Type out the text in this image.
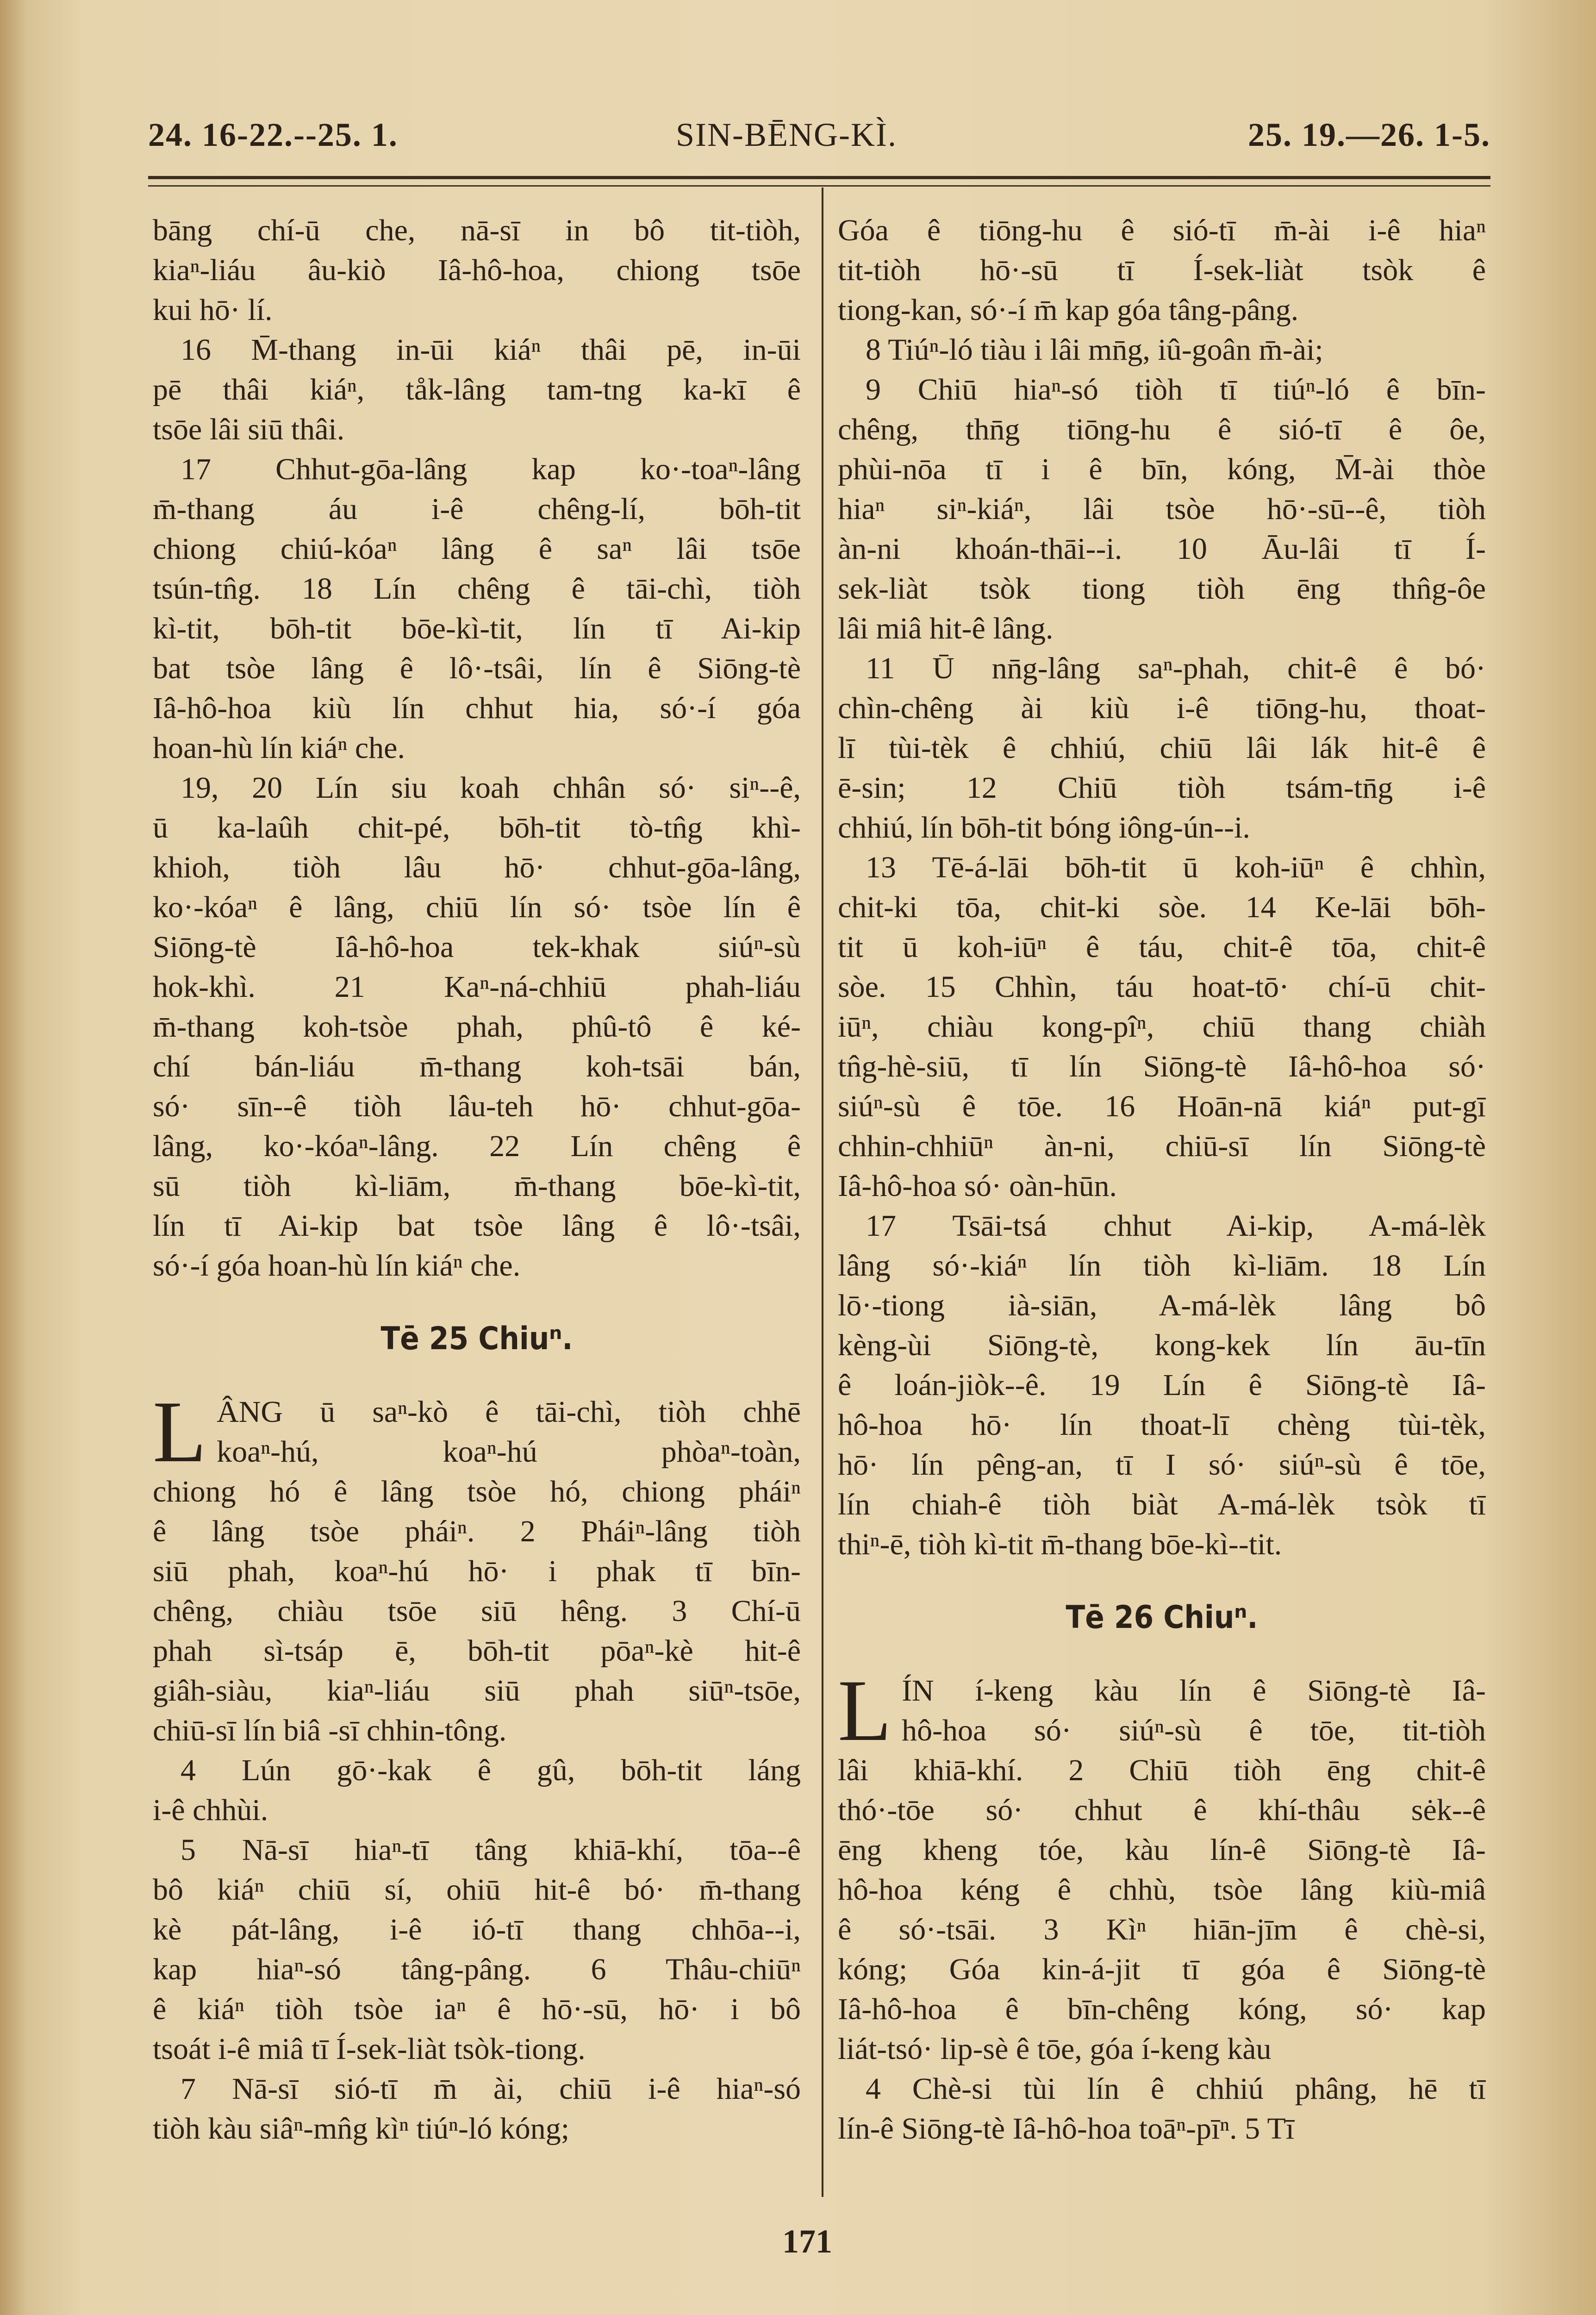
24. 16-22.--25. 1.	SIN-BĒNG-KÌ.	25. 19.—26. 1-5.
bāng chí-ū che, nā-sī in bô tit-tiòh,
kiaⁿ-liáu âu-kiò Iâ-hô-hoa, chiong tsōe
kui hō· lí.
16 M̄-thang in-ūi kiáⁿ thâi pē, in-ūi
pē thâi kiáⁿ, tåk-lâng tam-tng ka-kī ê
tsōe lâi siū thâi.
17 Chhut-gōa-lâng kap ko·-toaⁿ-lâng
m̄-thang áu i-ê chêng-lí, bōh-tit
chiong chiú-kóaⁿ lâng ê saⁿ lâi tsōe
tsún-tn̂g. 18 Lín chêng ê tāi-chì, tiòh
kì-tit, bōh-tit bōe-kì-tit, lín tī Ai-kip
bat tsòe lâng ê lô·-tsâi, lín ê Siōng-tè
Iâ-hô-hoa kiù lín chhut hia, só·-í góa
hoan-hù lín kiáⁿ che.
19, 20 Lín siu koah chhân só· siⁿ--ê,
ū ka-laûh chit-pé, bōh-tit tò-tn̂g khì-
khioh, tiòh lâu hō· chhut-gōa-lâng,
ko·-kóaⁿ ê lâng, chiū lín só· tsòe lín ê
Siōng-tè Iâ-hô-hoa tek-khak siúⁿ-sù
hok-khì. 21 Kaⁿ-ná-chhiū phah-liáu
m̄-thang koh-tsòe phah, phû-tô ê ké-
chí bán-liáu m̄-thang koh-tsāi bán,
só· sīn--ê tiòh lâu-teh hō· chhut-gōa-
lâng, ko·-kóaⁿ-lâng. 22 Lín chêng ê
sū tiòh kì-liām, m̄-thang bōe-kì-tit,
lín tī Ai-kip bat tsòe lâng ê lô·-tsâi,
só·-í góa hoan-hù lín kiáⁿ che.
Tē 25 Chiuⁿ.
L ÂNG ū saⁿ-kò ê tāi-chì, tiòh chhē
koaⁿ-hú, koaⁿ-hú phòaⁿ-toàn,
chiong hó ê lâng tsòe hó, chiong pháiⁿ
ê lâng tsòe pháiⁿ. 2 Pháiⁿ-lâng tiòh
siū phah, koaⁿ-hú hō· i phak tī bīn-
chêng, chiàu tsōe siū hêng. 3 Chí-ū
phah sì-tsáp ē, bōh-tit pōaⁿ-kè hit-ê
giâh-siàu, kiaⁿ-liáu siū phah siūⁿ-tsōe,
chiū-sī lín biâ -sī chhin-tông.
4 Lún gō·-kak ê gû, bōh-tit láng
i-ê chhùi.
5 Nā-sī hiaⁿ-tī tâng khiā-khí, tōa--ê
bô kiáⁿ chiū sí, ohiū hit-ê bó· m̄-thang
kè pát-lâng, i-ê ió-tī thang chhōa--i,
kap hiaⁿ-só tâng-pâng. 6 Thâu-chiūⁿ
ê kiáⁿ tiòh tsòe iaⁿ ê hō·-sū, hō· i bô
tsoát i-ê miâ tī Í-sek-liàt tsòk-tiong.
7 Nā-sī sió-tī m̄ ài, chiū i-ê hiaⁿ-só
tiòh kàu siâⁿ-mn̂g kìⁿ tiúⁿ-ló kóng;
Góa ê tiōng-hu ê sió-tī m̄-ài i-ê hiaⁿ
tit-tiòh hō·-sū tī Í-sek-liàt tsòk ê
tiong-kan, só·-í m̄ kap góa tâng-pâng.
8 Tiúⁿ-ló tiàu i lâi mn̄g, iû-goân m̄-ài;
9 Chiū hiaⁿ-só tiòh tī tiúⁿ-ló ê bīn-
chêng, thn̄g tiōng-hu ê sió-tī ê ôe,
phùi-nōa tī i ê bīn, kóng, M̄-ài thòe
hiaⁿ siⁿ-kiáⁿ, lâi tsòe hō·-sū--ê, tiòh
àn-ni khoán-thāi--i. 10 Āu-lâi tī Í-
sek-liàt tsòk tiong tiòh ēng thn̂g-ôe
lâi miâ hit-ê lâng.
11 Ū nn̄g-lâng saⁿ-phah, chit-ê ê bó·
chìn-chêng ài kiù i-ê tiōng-hu, thoat-
lī tùi-tèk ê chhiú, chiū lâi lák hit-ê ê
ē-sin; 12 Chiū tiòh tsám-tn̄g i-ê
chhiú, lín bōh-tit bóng iông-ún--i.
13 Tē-á-lāi bōh-tit ū koh-iūⁿ ê chhìn,
chit-ki tōa, chit-ki sòe. 14 Ke-lāi bōh-
tit ū koh-iūⁿ ê táu, chit-ê tōa, chit-ê
sòe. 15 Chhìn, táu hoat-tō· chí-ū chit-
iūⁿ, chiàu kong-pîⁿ, chiū thang chiàh
tn̂g-hè-siū, tī lín Siōng-tè Iâ-hô-hoa só·
siúⁿ-sù ê tōe. 16 Hoān-nā kiáⁿ put-gī
chhin-chhiūⁿ àn-ni, chiū-sī lín Siōng-tè
Iâ-hô-hoa só· oàn-hūn.
17 Tsāi-tsá chhut Ai-kip, A-má-lèk
lâng só·-kiáⁿ lín tiòh kì-liām. 18 Lín
lō·-tiong ià-siān, A-má-lèk lâng bô
kèng-ùi Siōng-tè, kong-kek lín āu-tīn
ê loán-jiòk--ê. 19 Lín ê Siōng-tè Iâ-
hô-hoa hō· lín thoat-lī chèng tùi-tèk,
hō· lín pêng-an, tī I só· siúⁿ-sù ê tōe,
lín chiah-ê tiòh biàt A-má-lèk tsòk tī
thiⁿ-ē, tiòh kì-tit m̄-thang bōe-kì--tit.
Tē 26 Chiuⁿ.
L ÍN í-keng kàu lín ê Siōng-tè Iâ-
hô-hoa só· siúⁿ-sù ê tōe, tit-tiòh
lâi khiā-khí. 2 Chiū tiòh ēng chit-ê
thó·-tōe só· chhut ê khí-thâu sėk--ê
ēng kheng tóe, kàu lín-ê Siōng-tè Iâ-
hô-hoa kéng ê chhù, tsòe lâng kiù-miâ
ê só·-tsāi. 3 Kìⁿ hiān-jīm ê chè-si,
kóng; Góa kin-á-jit tī góa ê Siōng-tè
Iâ-hô-hoa ê bīn-chêng kóng, só· kap
liát-tsó· lip-sè ê tōe, góa í-keng kàu
4 Chè-si tùi lín ê chhiú phâng, hē tī
lín-ê Siōng-tè Iâ-hô-hoa toāⁿ-pīⁿ. 5 Tī
171
